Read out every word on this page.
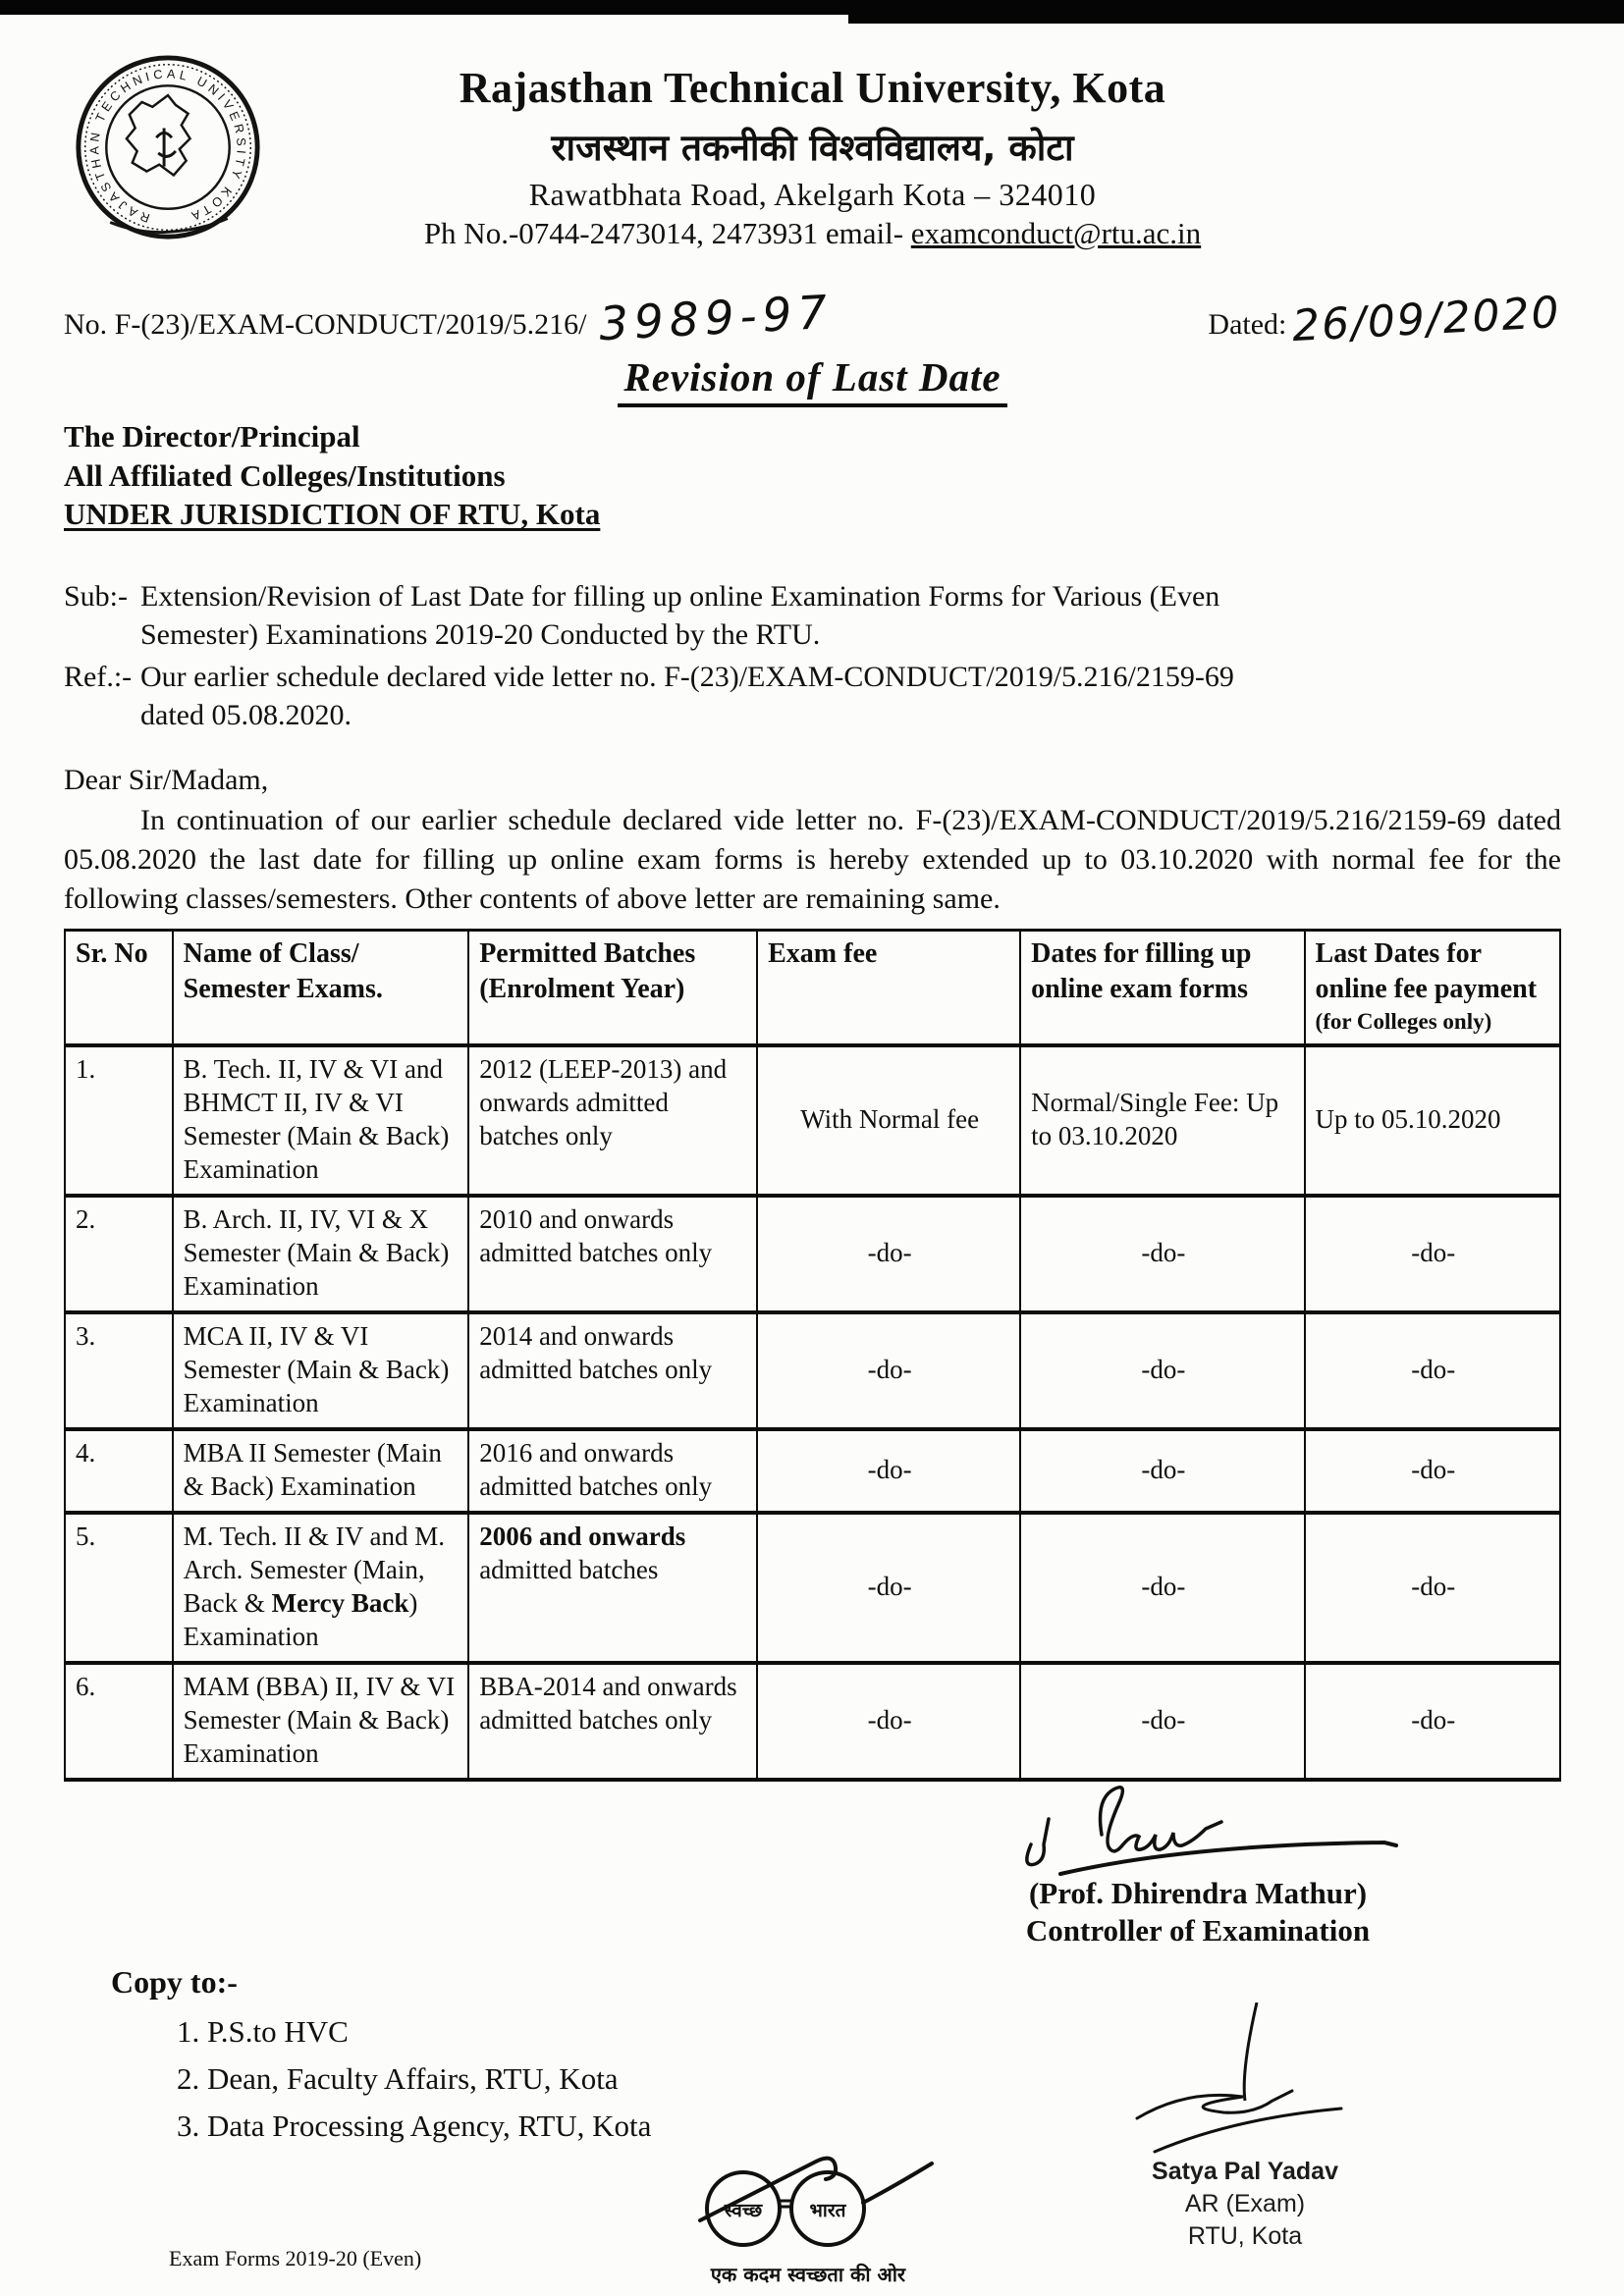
RAJASTHAN TECHNICAL UNIVERSITY KOTA
Rajasthan Technical University, Kota
राजस्थान तकनीकी विश्वविद्यालय, कोटा
Rawatbhata Road, Akelgarh Kota – 324010
Ph No.-0744-2473014, 2473931 email- examconduct@rtu.ac.in
No. F-(23)/EXAM-CONDUCT/2019/5.216/ 3989-97	Dated: 26/09/2020
Revision of Last Date
The Director/Principal
All Affiliated Colleges/Institutions
UNDER JURISDICTION OF RTU, Kota
Sub:- Extension/Revision of Last Date for filling up online Examination Forms for Various (Even Semester) Examinations 2019-20 Conducted by the RTU.
Ref.:- Our earlier schedule declared vide letter no. F-(23)/EXAM-CONDUCT/2019/5.216/2159-69 dated 05.08.2020.
Dear Sir/Madam,
In continuation of our earlier schedule declared vide letter no. F-(23)/EXAM-CONDUCT/2019/5.216/2159-69 dated 05.08.2020 the last date for filling up online exam forms is hereby extended up to 03.10.2020 with normal fee for the following classes/semesters. Other contents of above letter are remaining same.
Sr. No	Name of Class/ Semester Exams.	Permitted Batches (Enrolment Year)	Exam fee	Dates for filling up online exam forms	Last Dates for online fee payment
(for Colleges only)

1.	B. Tech. II, IV & VI and BHMCT II, IV & VI Semester (Main & Back) Examination	2012 (LEEP-2013) and onwards admitted batches only	With Normal fee	Normal/Single Fee: Up to 03.10.2020	Up to 05.10.2020
2.	B. Arch. II, IV, VI & X Semester (Main & Back) Examination	2010 and onwards admitted batches only	-do-	-do-	-do-
3.	MCA II, IV & VI Semester (Main & Back) Examination	2014 and onwards admitted batches only	-do-	-do-	-do-
4.	MBA II Semester (Main & Back) Examination	2016 and onwards admitted batches only	-do-	-do-	-do-
5.	M. Tech. II & IV and M. Arch. Semester (Main, Back & Mercy Back) Examination	2006 and onwards admitted batches	-do-	-do-	-do-
6.	MAM (BBA) II, IV & VI Semester (Main & Back) Examination	BBA-2014 and onwards admitted batches only	-do-	-do-	-do-
(Prof. Dhirendra Mathur)
Controller of Examination
Copy to:-
1. P.S.to HVC
2. Dean, Faculty Affairs, RTU, Kota
3. Data Processing Agency, RTU, Kota
Exam Forms 2019-20 (Even)
स्वच्छ	भारत
एक कदम स्वच्छता की ओर
Satya Pal Yadav
AR (Exam)
RTU, Kota
